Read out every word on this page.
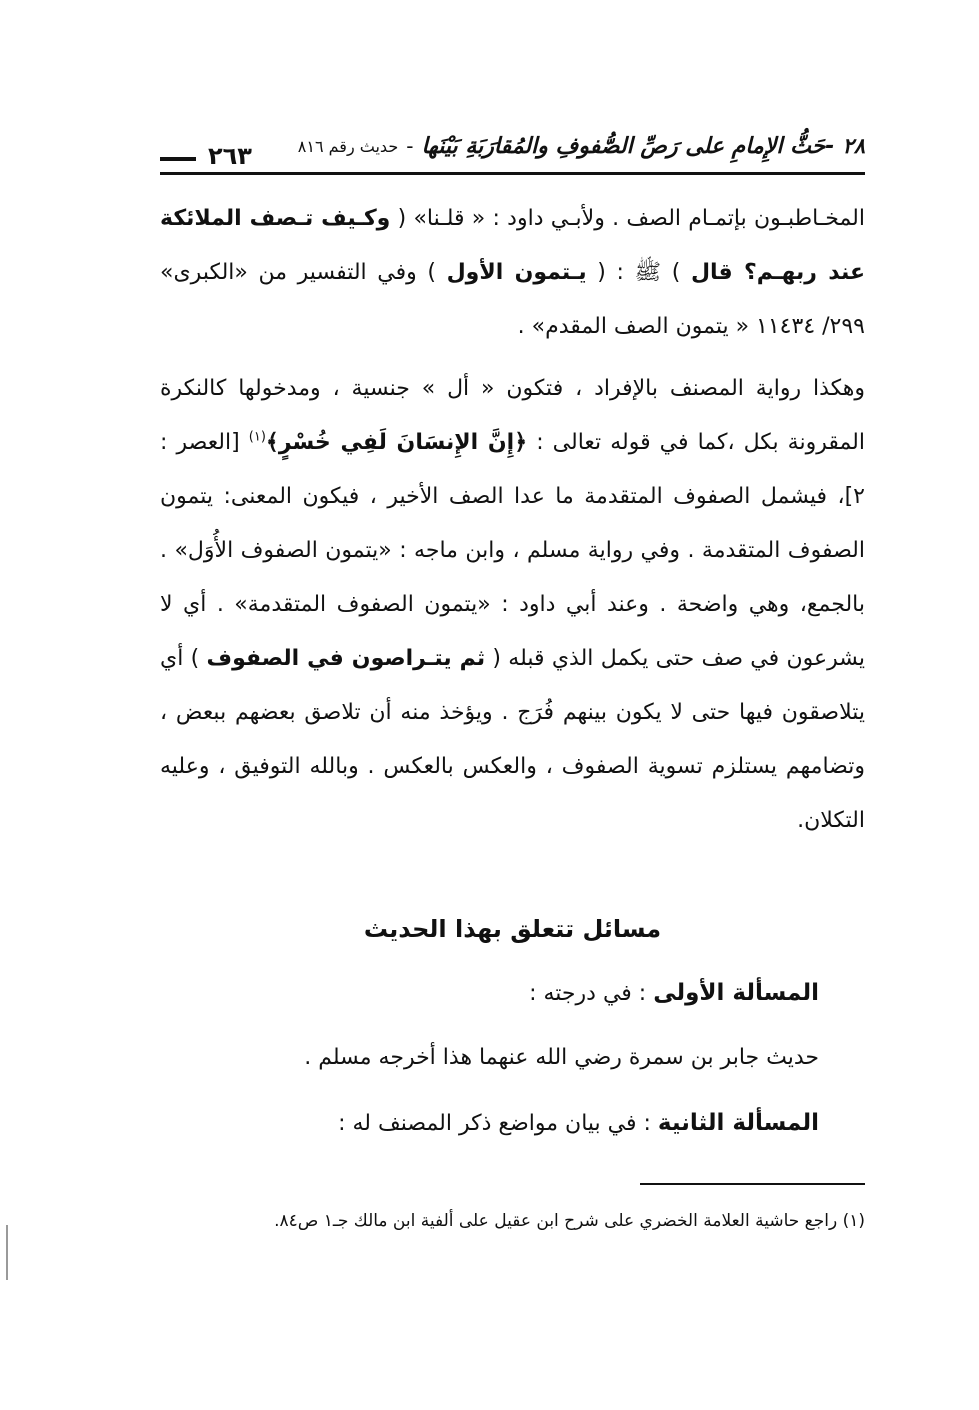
٢٨
-حَثُّ الإِمامِ على رَصِّ الصُّفوفِ والمُقارَبَةِ بَيْنَها
-
حديث رقم ٨١٦
٢٦٣

المخـاطبـون بإتمـام الصف . ولأبـي داود : « قلـنا» ( وكـيف تـصف الملائكة عند ربهـم؟ قال ) ﷺ : ( يـتمون الأول ) وفي التفسير من «الكبرى» ٢٩٩/ ١١٤٣٤ « يتمون الصف المقدم» .

وهكذا رواية المصنف بالإفراد ، فتكون « أل » جنسية ، ومدخولها كالنكرة المقرونة بكل ،كما في قوله تعالى : ﴿إِنَّ الإِنسَانَ لَفِي خُسْرٍ﴾$^{(١)}$ [العصر : ٢]، فيشمل الصفوف المتقدمة ما عدا الصف الأخير ، فيكون المعنى: يتمون الصفوف المتقدمة . وفي رواية مسلم ، وابن ماجه : «يتمون الصفوف الأُوَل» . بالجمع، وهي واضحة . وعند أبي داود : «يتمون الصفوف المتقدمة» . أي لا يشرعون في صف حتى يكمل الذي قبله ( ثم يتـراصون في الصفوف ) أي يتلاصقون فيها حتى لا يكون بينهم فُرَج . ويؤخذ منه أن تلاصق بعضهم ببعض ، وتضامهم يستلزم تسوية الصفوف ، والعكس بالعكس . وبالله التوفيق ، وعليه التكلان.

مسائل تتعلق بهذا الحديث
المسألة الأولى : في درجته :
حديث جابر بن سمرة رضي الله عنهما هذا أخرجه مسلم .
المسألة الثانية : في بيان مواضع ذكر المصنف له :

(١) راجع حاشية العلامة الخضري على شرح ابن عقيل على ألفية ابن مالك جـ١ ص٨٤.
